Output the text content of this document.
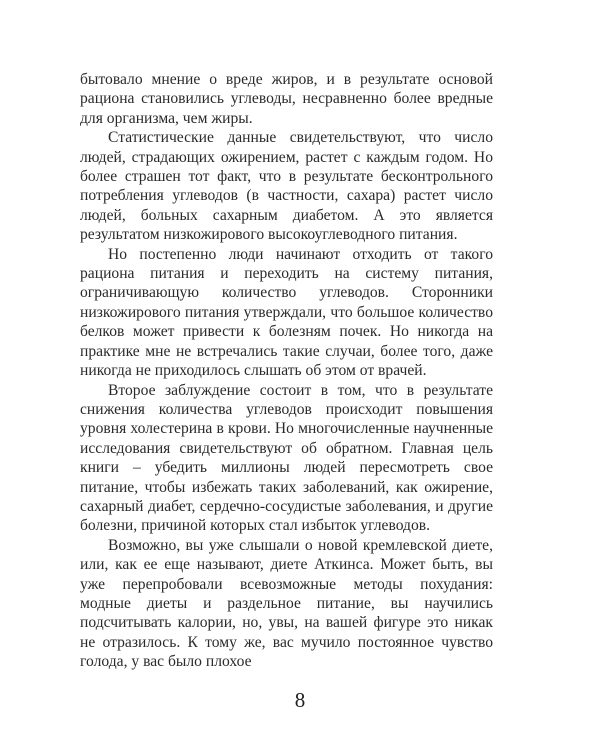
бытовало мнение о вреде жиров, и в результате основой рациона становились углеводы, несравненно более вредные для организма, чем жиры.

Статистические данные свидетельствуют, что число людей, страдающих ожирением, растет с каждым годом. Но более страшен тот факт, что в результате бесконтрольного потребления углеводов (в частности, сахара) растет число людей, больных сахарным диабетом. А это является результатом низкожирового высокоуглеводного питания.

Но постепенно люди начинают отходить от такого рациона питания и переходить на систему питания, ограничивающую количество углеводов. Сторонники низкожирового питания утверждали, что большое количество белков может привести к болезням почек. Но никогда на практике мне не встречались такие случаи, более того, даже никогда не приходилось слышать об этом от врачей.

Второе заблуждение состоит в том, что в результате снижения количества углеводов происходит повышения уровня холестерина в крови. Но многочисленные научненные исследования свидетельствуют об обратном. Главная цель книги – убедить миллионы людей пересмотреть свое питание, чтобы избежать таких заболеваний, как ожирение, сахарный диабет, сердечно-сосудистые заболевания, и другие болезни, причиной которых стал избыток углеводов.

Возможно, вы уже слышали о новой кремлевской диете, или, как ее еще называют, диете Аткинса. Может быть, вы уже перепробовали всевозможные методы похудания: модные диеты и раздельное питание, вы научились подсчитывать калории, но, увы, на вашей фигуре это никак не отразилось. К тому же, вас мучило постоянное чувство голода, у вас было плохое

8
